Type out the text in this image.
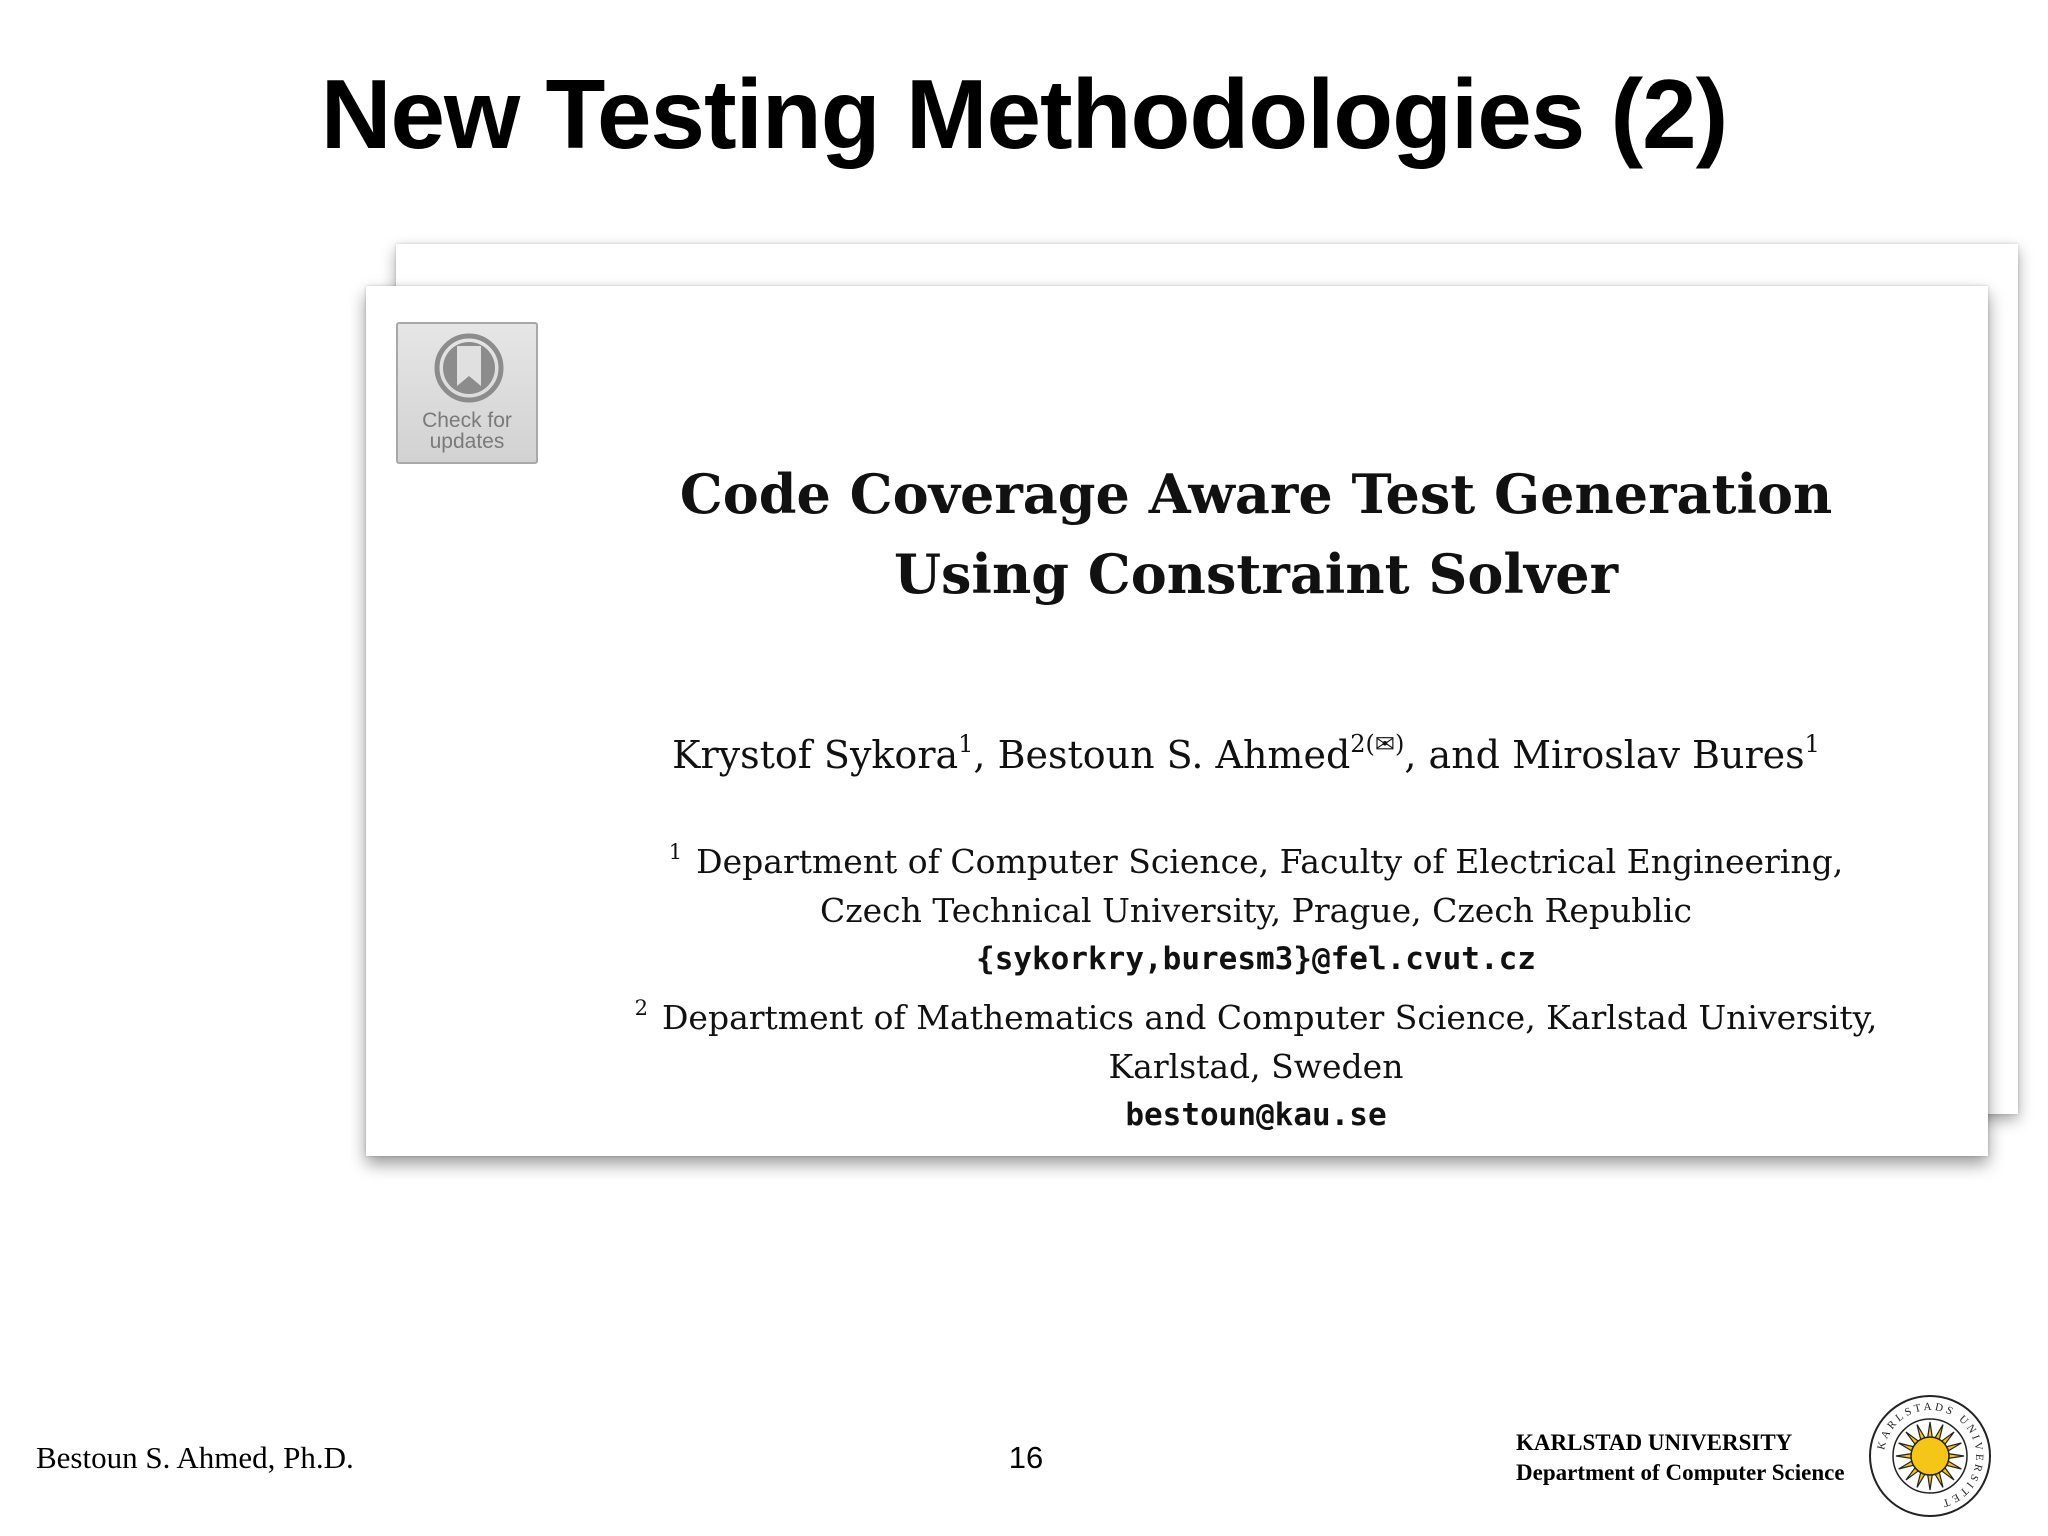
New Testing Methodologies (2)
Check for
updates
Code Coverage Aware Test Generation
Using Constraint Solver
Krystof Sykora$^1$, Bestoun S. Ahmed$^{2(✉)}$, and Miroslav Bures$^1$
$^1$ Department of Computer Science, Faculty of Electrical Engineering,
Czech Technical University, Prague, Czech Republic
{sykorkry,buresm3}@fel.cvut.cz
$^2$ Department of Mathematics and Computer Science, Karlstad University,
Karlstad, Sweden
bestoun@kau.se
Bestoun S. Ahmed, Ph.D.	16	KARLSTAD UNIVERSITY
Department of Computer Science
KARLSTADS UNIVERSITET
